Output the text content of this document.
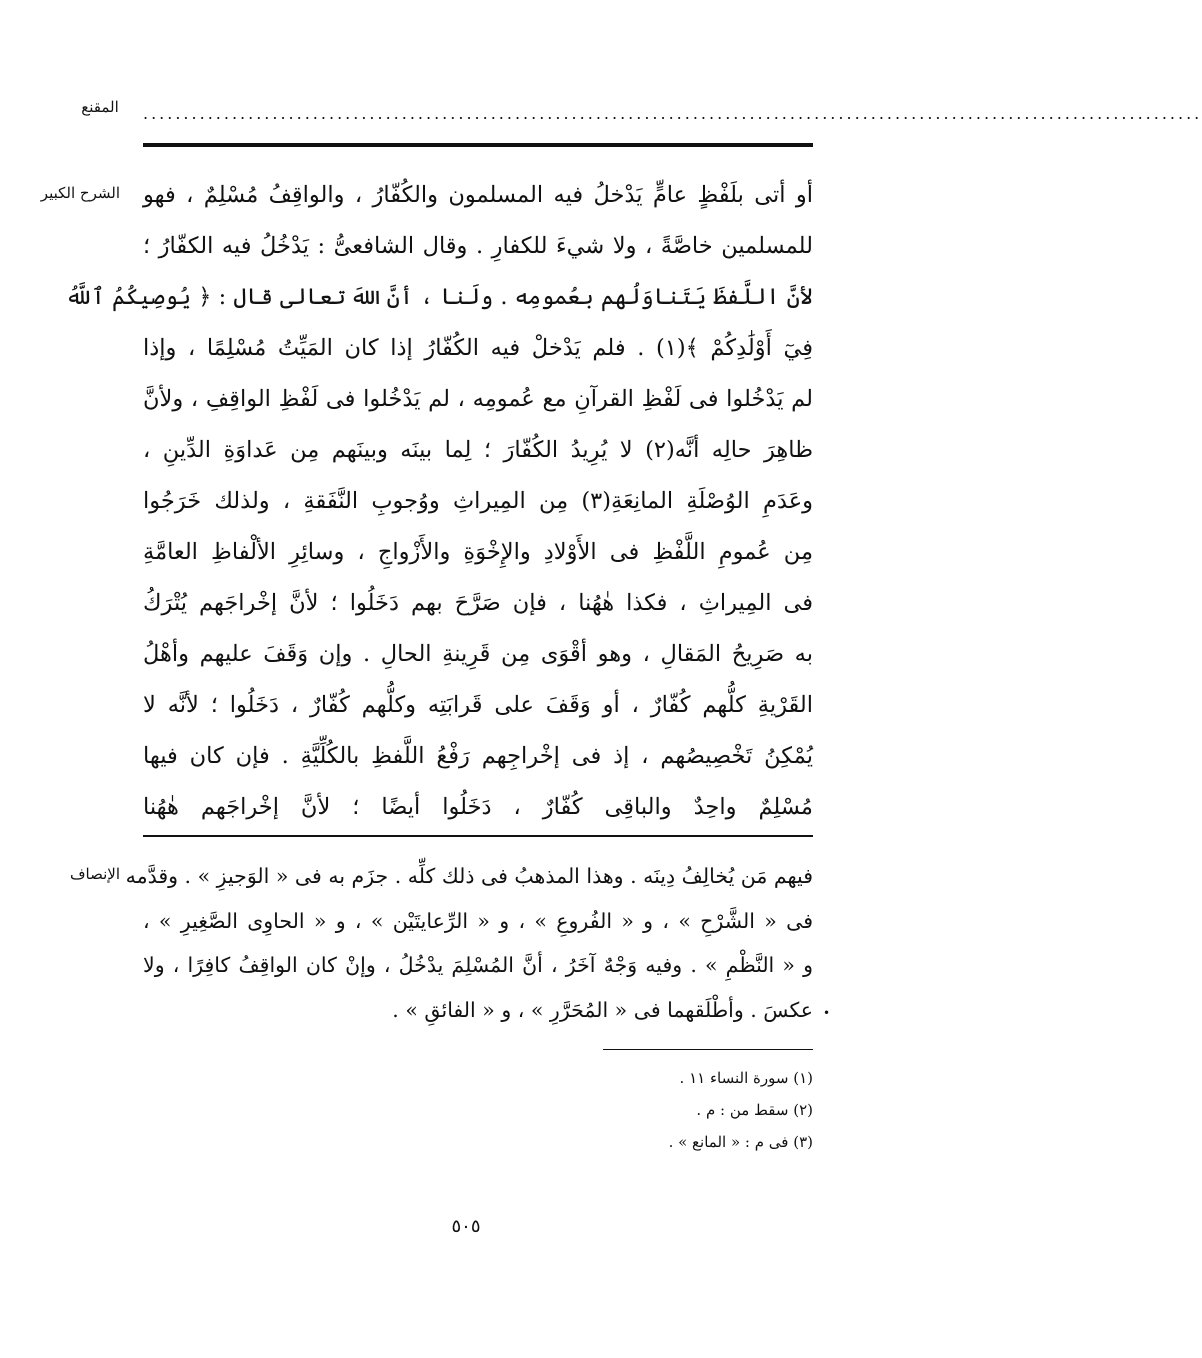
المقنع ...................................................................................................................................
الشرح الكبير
الإنصاف
أو أتى بلَفْظٍ عامٍّ يَدْخلُ فيه المسلمون والكُفّارُ ، والواقِفُ مُسْلِمٌ ، فهو
للمسلمين خاصَّةً ، ولا شيءَ للكفارِ . وقال الشافعىُّ : يَدْخُلُ فيه الكفّارُ ؛
لأنَّ اللَّفظَ يَتَناوَلُهم بعُمومِه . ولَنا ، أنَّ اللهَ تعالى قال : ﴿ يُوصِيكُمُ ٱللَّهُ
فِيٓ أَوْلَٰدِكُمْ ﴾(١) . فلم يَدْخلْ فيه الكُفّارُ إذا كان المَيِّتُ مُسْلِمًا ، وإذا
لم يَدْخُلوا فى لَفْظِ القرآنِ مع عُمومِه ، لم يَدْخُلوا فى لَفْظِ الواقِفِ ، ولأنَّ
ظاهِرَ حالِه أنَّه(٢) لا يُرِيدُ الكُفّارَ ؛ لِما بينَه وبينَهم مِن عَداوَةِ الدِّينِ ،
وعَدَمِ الوُصْلَةِ المانِعَةِ(٣) مِن المِيراثِ ووُجوبِ النَّفَقةِ ، ولذلك خَرَجُوا
مِن عُمومِ اللَّفْظِ فى الأَوْلادِ والإِخْوَةِ والأَزْواجِ ، وسائِرِ الألْفاظِ العامَّةِ
فى المِيراثِ ، فكذا هٰهُنا ، فإن صَرَّحَ بهم دَخَلُوا ؛ لأنَّ إخْراجَهم يُتْرَكُ
به صَرِيحُ المَقالِ ، وهو أقْوَى مِن قَرِينةِ الحالِ . وإن وَقَفَ عليهم وأهْلُ
القَرْيةِ كلُّهم كُفّارٌ ، أو وَقَفَ على قَرابَتِه وكلُّهم كُفّارٌ ، دَخَلُوا ؛ لأنَّه لا
يُمْكِنُ تَخْصِيصُهم ، إذ فى إخْراجِهم رَفْعُ اللَّفظِ بالكُلِّيَّةِ . فإن كان فيها
مُسْلِمٌ واحِدٌ والباقِى كُفّارٌ ، دَخَلُوا أيضًا ؛ لأنَّ إخْراجَهم هٰهُنا
فيهم مَن يُخالِفُ دِينَه . وهذا المذهبُ فى ذلك كلِّه . جزَم به فى « الوَجيزِ » . وقدَّمه
فى « الشَّرْحِ » ، و « الفُروعِ » ، و « الرِّعايتَيْن » ، و « الحاوِى الصَّغِيرِ » ،
و « النَّظْمِ » . وفيه وَجْهٌ آخَرُ ، أنَّ المُسْلِمَ يدْخُلُ ، وإنْ كان الواقِفُ كافِرًا ، ولا
عكسَ . وأطْلَقهما فى « المُحَرَّرِ » ، و « الفائقِ » . •
(١) سورة النساء ١١ .
(٢) سقط من : م .
(٣) فى م : « المانع » .
٥٠٥
